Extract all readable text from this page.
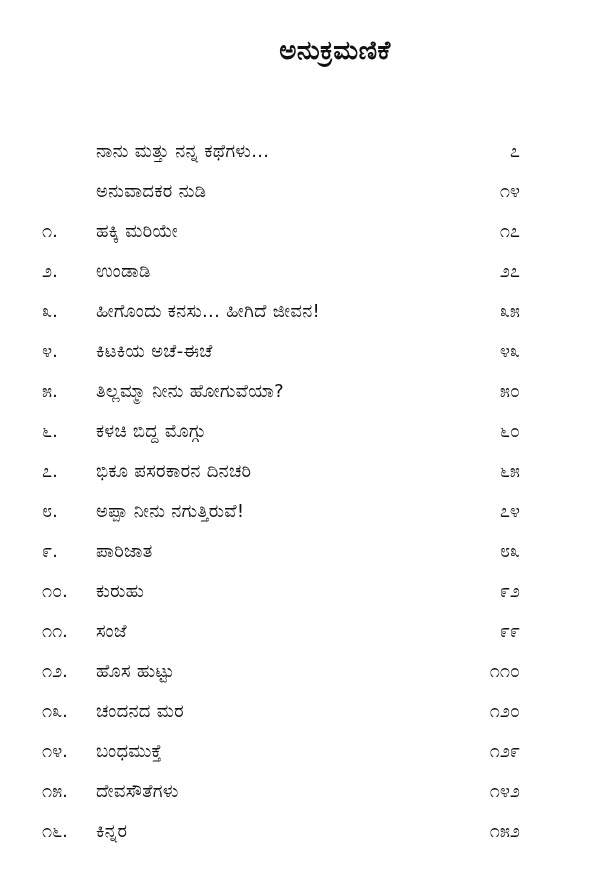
ಅನುಕ್ರಮಣಿಕೆ
ನಾನು ಮತ್ತು ನನ್ನ ಕಥೆಗಳು...	೭
ಅನುವಾದಕರ ನುಡಿ	೧೪
೧. ಹಕ್ಕಿ ಮರಿಯೇ	೧೭
೨. ಉಂಡಾಡಿ	೨೭
೩. ಹೀಗೊಂದು ಕನಸು... ಹೀಗಿದೆ ಜೀವನ!	೩೫
೪. ಕಿಟಕಿಯ ಅಚೆ-ಈಚೆ	೪೩
೫. ತಿಲ್ಲಮ್ಮಾ ನೀನು ಹೋಗುವೆಯಾ?	೫೦
೬. ಕಳಚಿ ಬಿದ್ದ ಮೊಗ್ಗು	೬೦
೭. ಭಿಕೂ ಪಸರಕಾರನ ದಿನಚರಿ	೬೫
೮. ಅಪ್ಪಾ ನೀನು ನಗುತ್ತಿರುವೆ!	೭೪
೯. ಪಾರಿಜಾತ	೮೩
೧೦. ಕುರುಹು	೯೨
೧೧. ಸಂಜೆ	೯೯
೧೨. ಹೊಸ ಹುಟ್ಟು	೧೧೦
೧೩. ಚಂದನದ ಮರ	೧೨೦
೧೪. ಬಂಧಮುಕ್ತೆ	೧೨೯
೧೫. ದೇವಸೌತೆಗಳು	೧೪೨
೧೬. ಕಿನ್ನರ	೧೫೨
